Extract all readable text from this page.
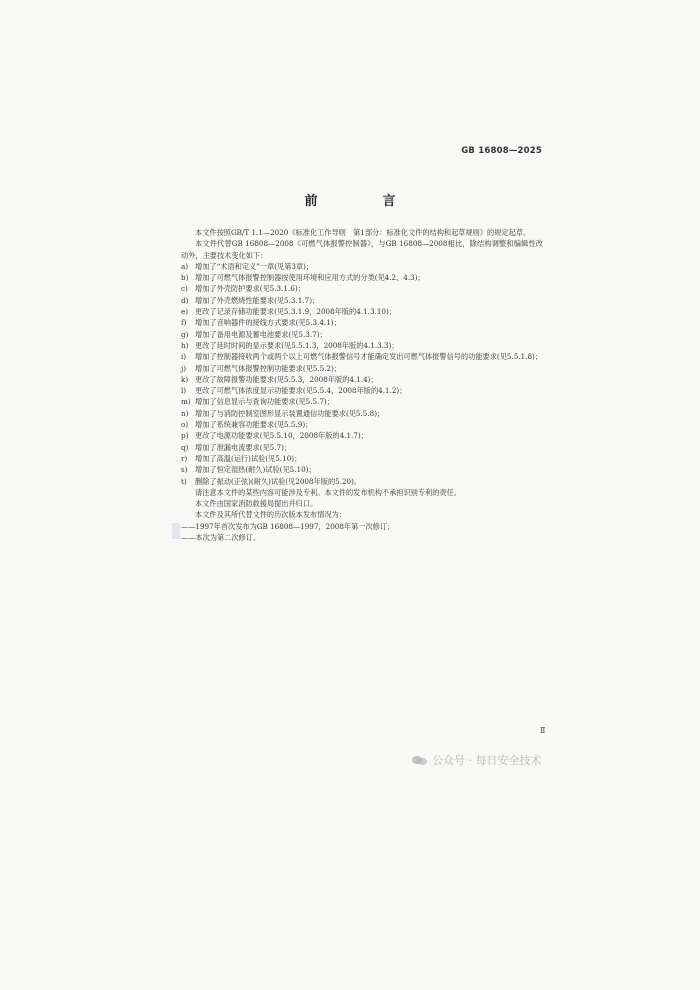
GB 16808—2025
前　言

本文件按照GB/T 1.1—2020《标准化工作导则　第1部分：标准化文件的结构和起草规则》的规定起草。

本文件代替GB 16808—2008《可燃气体报警控制器》，与GB 16808—2008相比，除结构调整和编辑性改动外，主要技术变化如下：

a) 增加了“术语和定义”一章(见第3章)；

b) 增加了可燃气体报警控制器按使用环境和应用方式的分类(见4.2、4.3)；

c) 增加了外壳防护要求(见5.3.1.6)；

d) 增加了外壳燃烧性能要求(见5.3.1.7)；

e) 更改了记录存储功能要求(见5.3.1.9，2008年版的4.1.3.10)；

f) 增加了音响器件的接线方式要求(见5.3.4.1)；

g) 增加了备用电源及蓄电池要求(见5.3.7)；

h) 更改了延时时间的显示要求(见5.5.1.3，2008年版的4.1.3.3)；

i) 增加了控制器接收两个或两个以上可燃气体报警信号才能确定发出可燃气体报警信号的功能要求(见5.5.1.8)；

j) 增加了可燃气体报警控制功能要求(见5.5.2)；

k) 更改了故障报警功能要求(见5.5.3，2008年版的4.1.4)；

l) 更改了可燃气体浓度显示功能要求(见5.5.4，2008年版的4.1.2)；

m) 增加了信息显示与查询功能要求(见5.5.7)；

n) 增加了与消防控制室图形显示装置通信功能要求(见5.5.8)；

o) 增加了系统兼容功能要求(见5.5.9)；

p) 更改了电源功能要求(见5.5.10，2008年版的4.1.7)；

q) 增加了泄漏电流要求(见5.7)；

r) 增加了高温(运行)试验(见5.10)；

s) 增加了恒定湿热(耐久)试验(见5.10)；

t) 删除了振动(正弦)(耐久)试验(见2008年版的5.20)。

请注意本文件的某些内容可能涉及专利。本文件的发布机构不承担识别专利的责任。

本文件由国家消防救援局提出并归口。

本文件及其所代替文件的历次版本发布情况为：

——1997年首次发布为GB 16808—1997，2008年第一次修订；

——本次为第二次修订。

Ⅱ
公众号 · 每日安全技术
